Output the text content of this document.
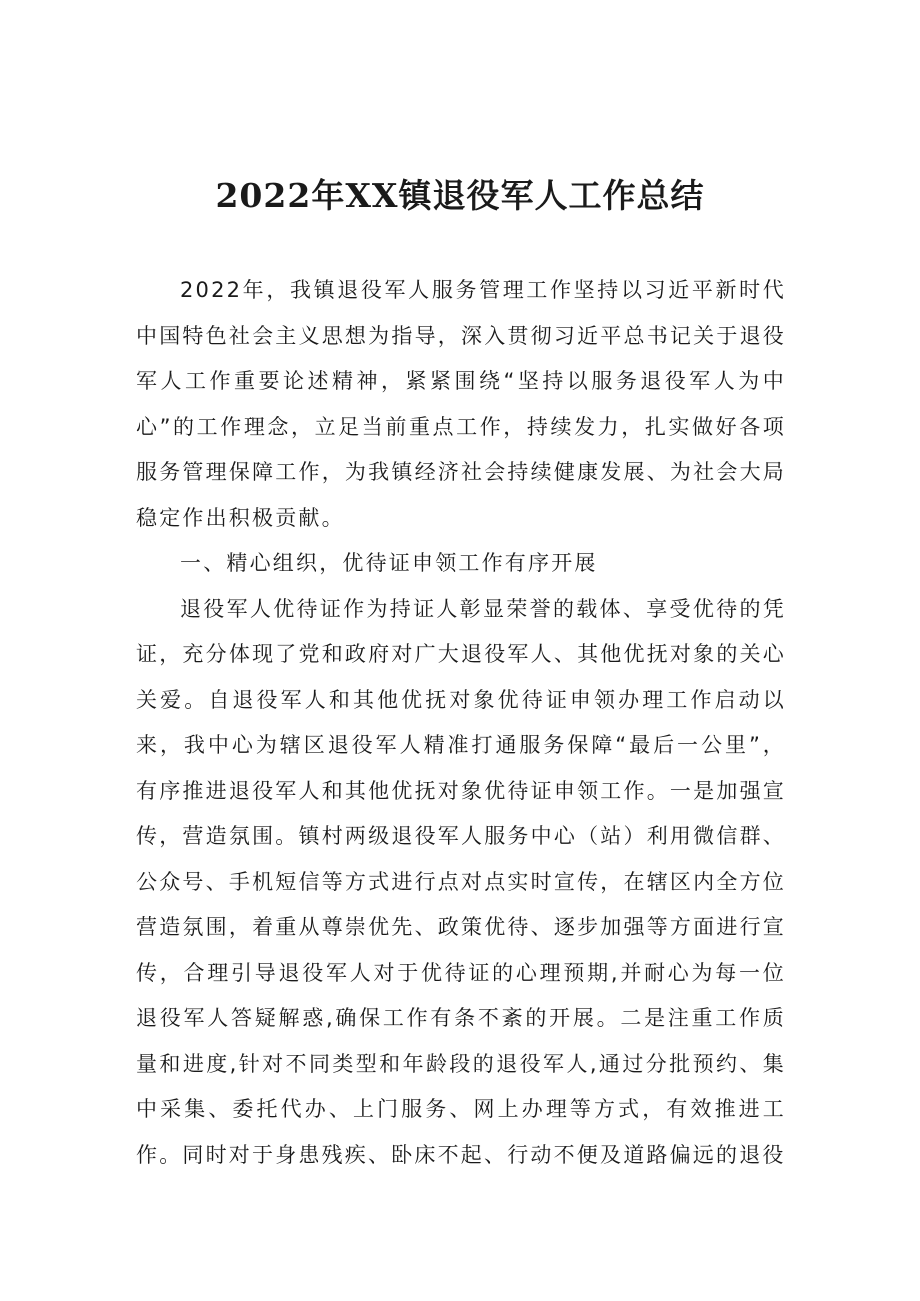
2022年XX镇退役军人工作总结

2022年，我镇退役军人服务管理工作坚持以习近平新时代中国特色社会主义思想为指导，深入贯彻习近平总书记关于退役军人工作重要论述精神，紧紧围绕“坚持以服务退役军人为中心”的工作理念，立足当前重点工作，持续发力，扎实做好各项服务管理保障工作，为我镇经济社会持续健康发展、为社会大局稳定作出积极贡献。

一、精心组织，优待证申领工作有序开展

退役军人优待证作为持证人彰显荣誉的载体、享受优待的凭证，充分体现了党和政府对广大退役军人、其他优抚对象的关心关爱。自退役军人和其他优抚对象优待证申领办理工作启动以来，我中心为辖区退役军人精准打通服务保障“最后一公里”，有序推进退役军人和其他优抚对象优待证申领工作。一是加强宣传，营造氛围。镇村两级退役军人服务中心（站）利用微信群、公众号、手机短信等方式进行点对点实时宣传，在辖区内全方位营造氛围，着重从尊崇优先、政策优待、逐步加强等方面进行宣传，合理引导退役军人对于优待证的心理预期,并耐心为每一位退役军人答疑解惑,确保工作有条不紊的开展。二是注重工作质量和进度,针对不同类型和年龄段的退役军人,通过分批预约、集中采集、委托代办、上门服务、网上办理等方式，有效推进工作。同时对于身患残疾、卧床不起、行动不便及道路偏远的退役
